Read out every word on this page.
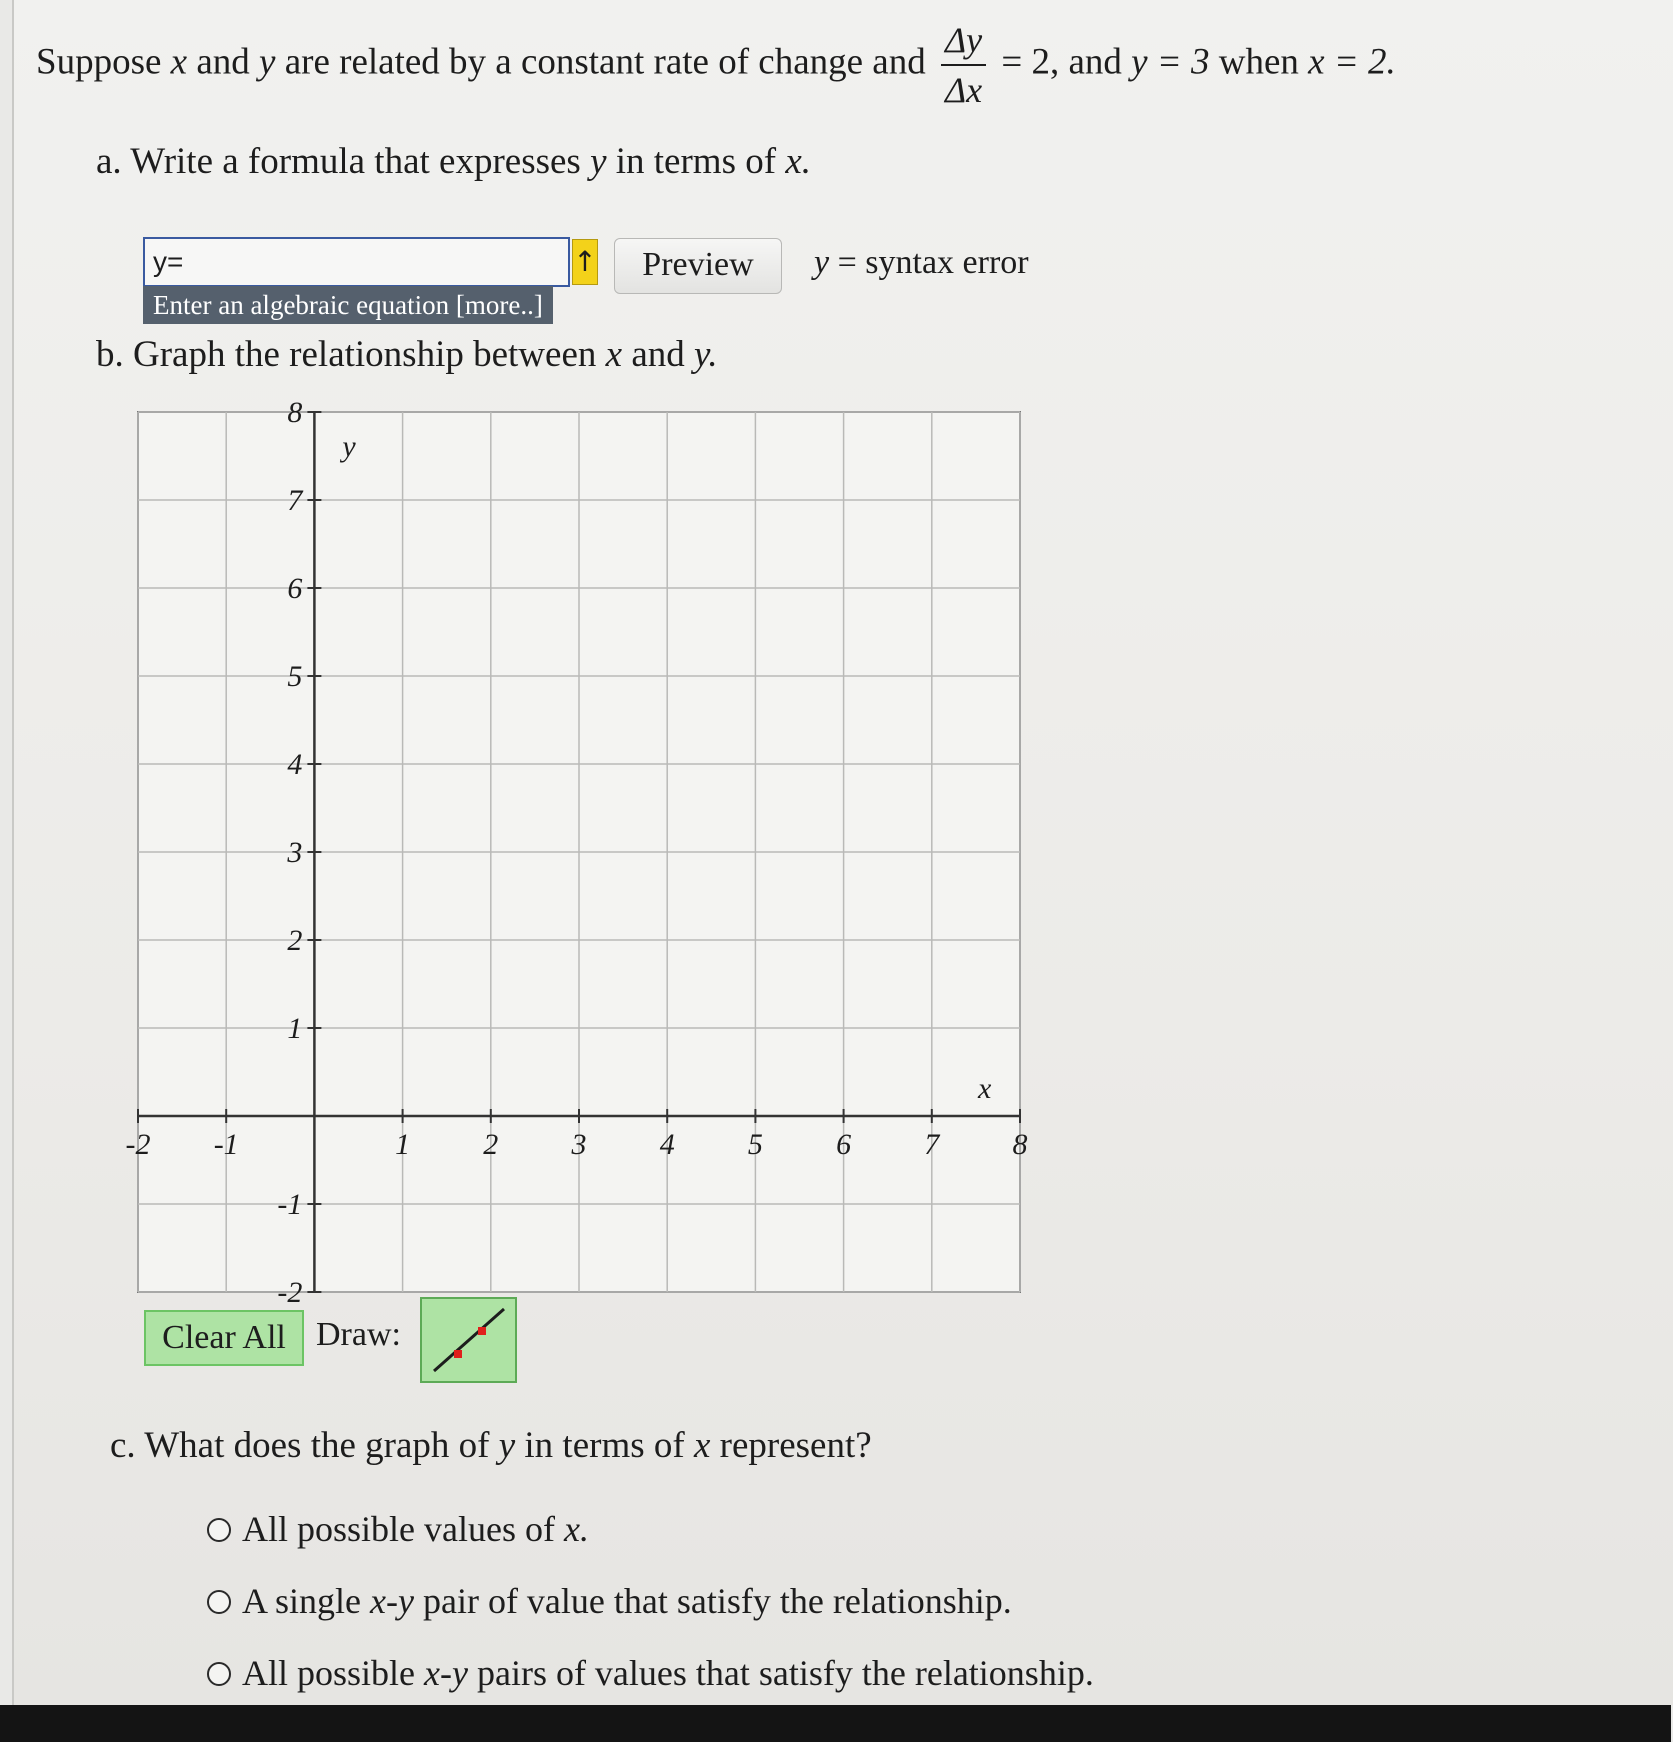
Suppose x and y are related by a constant rate of change and $\frac{\Delta y}{\Delta x} = 2$, and y = 3 when x = 2.
a. Write a formula that expresses y in terms of x.
y=
↑
Enter an algebraic equation [more..]
Preview	y = syntax error
b. Graph the relationship between x and y.
-2 -1	1 2 3 4 5 6 7 8
8
7
6
5
4
3
2
1
-1
-2
x
y
Clear All Draw:
c. What does the graph of y in terms of x represent?
All possible values of x.
A single x-y pair of value that satisfy the relationship.
All possible x-y pairs of values that satisfy the relationship.
